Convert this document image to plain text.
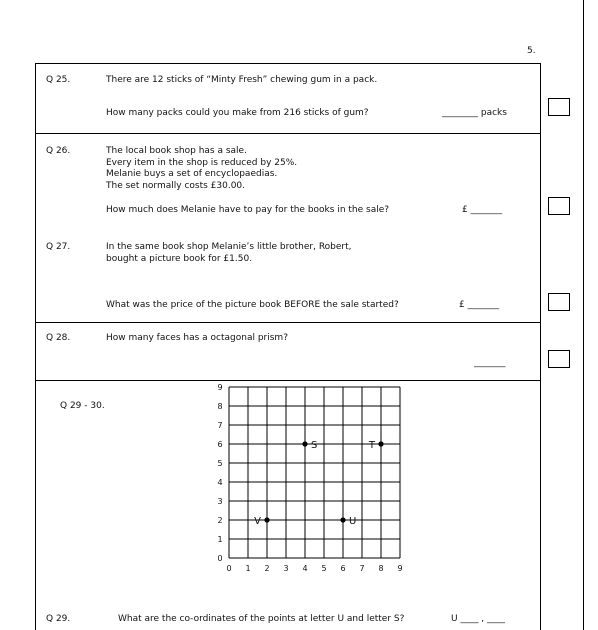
5.
Q 25.	There are 12 sticks of “Minty Fresh” chewing gum in a pack.
How many packs could you make from 216 sticks of gum?	________ packs
Q 26.	The local book shop has a sale.
Every item in the shop is reduced by 25%.
Melanie buys a set of encyclopaedias.
The set normally costs £30.00.
How much does Melanie have to pay for the books in the sale?	£ _______
Q 27.	In the same book shop Melanie’s little brother, Robert,
bought a picture book for £1.50.
What was the price of the picture book BEFORE the sale started?	£ _______
Q 28.	How many faces has a octagonal prism?
_______
Q 29 - 30.
0 1 2 3 4 5 6 7 8 9
0
1
2
3
4
5
6
7
8
9
S	T
V	U
Q 29.	What are the co-ordinates of the points at letter U and letter S?	U ____ , ____
